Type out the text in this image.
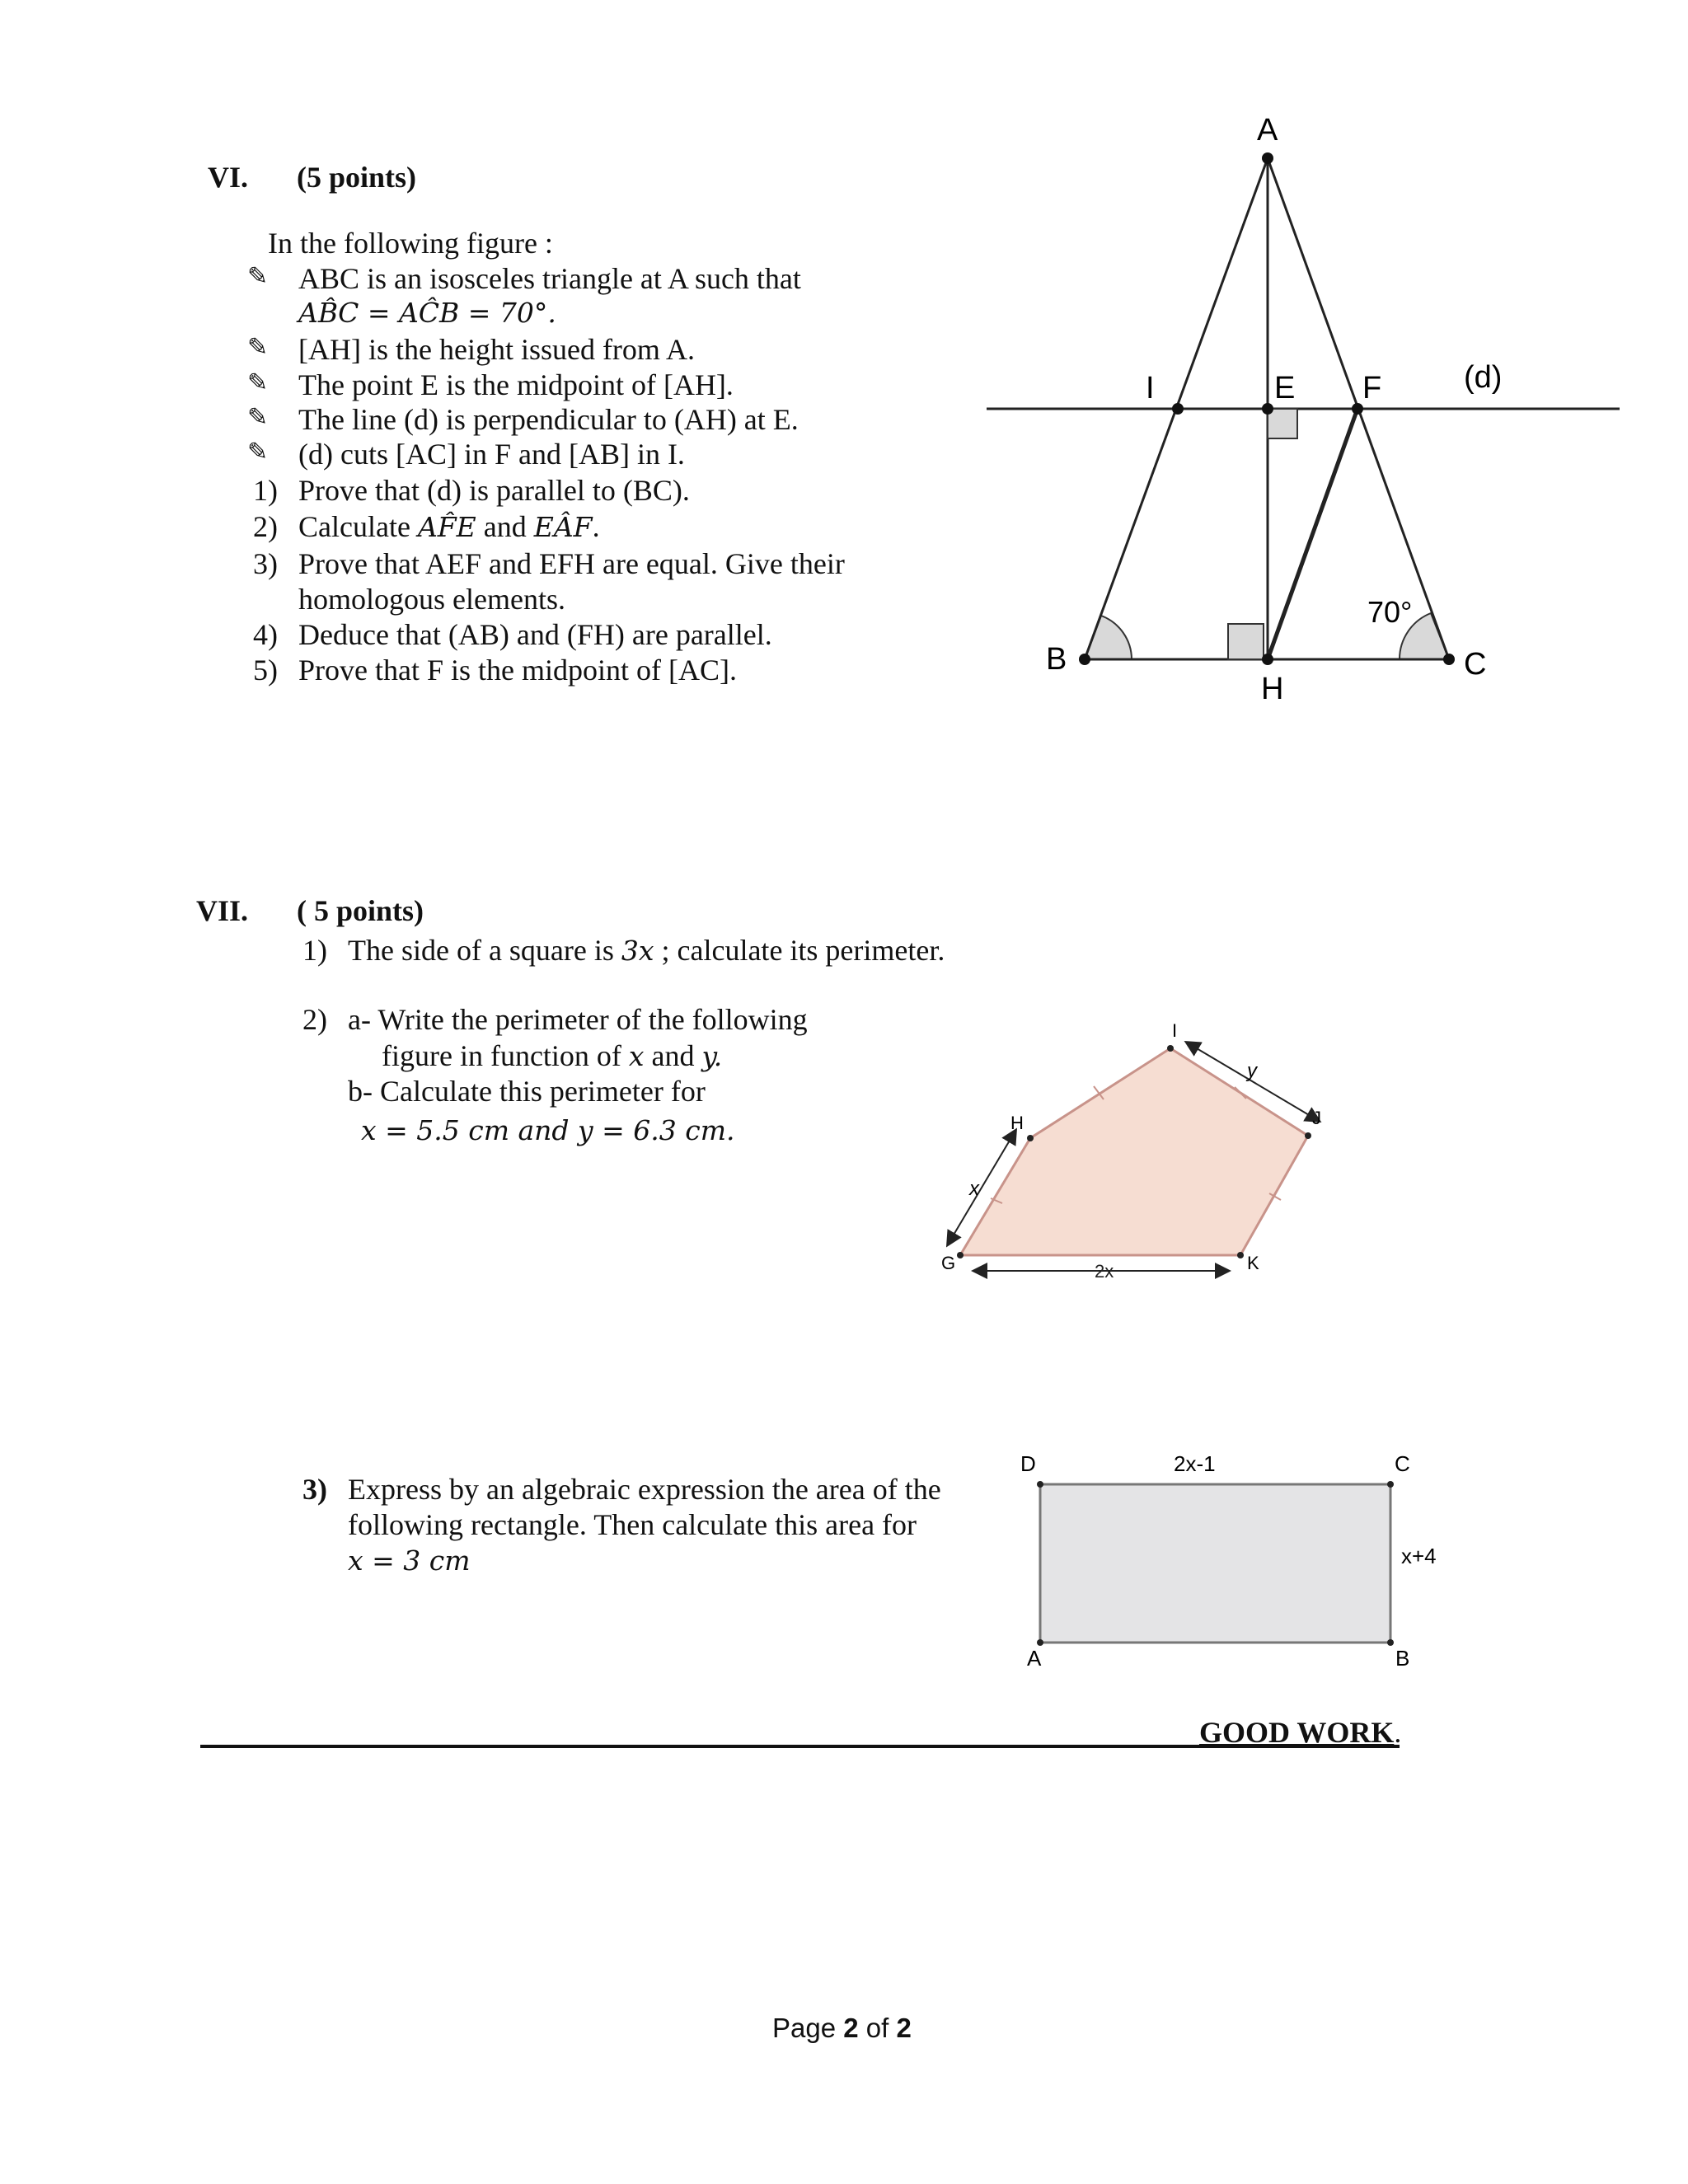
VI. (5 points)
In the following figure :
✎ ABC is an isosceles triangle at A such that
AB̂C = AĈB = 70°.
✎ [AH] is the height issued from A.
✎ The point E is the midpoint of [AH].
✎ The line (d) is perpendicular to (AH) at E.
✎ (d) cuts [AC] in F and [AB] in I.
1) Prove that (d) is parallel to (BC).
2) Calculate AF̂E and EÂF.
3) Prove that AEF and EFH are equal. Give their
homologous elements.
4) Deduce that (AB) and (FH) are parallel.
5) Prove that F is the midpoint of [AC].
A
I	E F	(d)
B
H
C
70°
VII. ( 5 points)
1) The side of a square is 3x ; calculate its perimeter.
2) a- Write the perimeter of the following
figure in function of x and y.
b- Calculate this perimeter for
x = 5.5 cm and y = 6.3 cm.
G
H
I
J
K
x
y
2x
3) Express by an algebraic expression the area of the
following rectangle. Then calculate this area for
x = 3 cm
D	C
A	B
2x-1
x+4
GOOD WORK.
Page 2 of 2
